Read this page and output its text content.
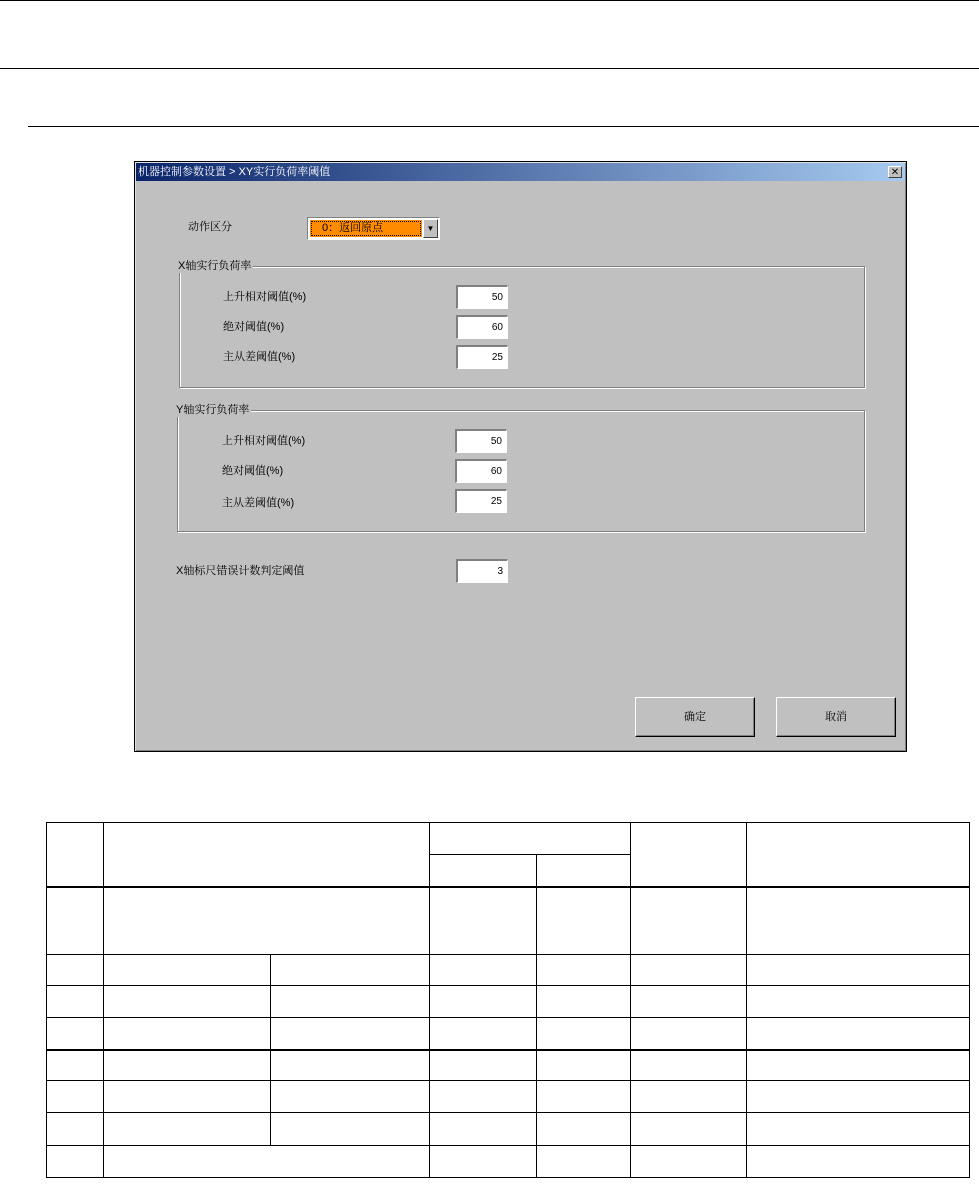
机器控制参数设置 > XY实行负荷率阈值	✕
动作区分	0：返回原点	▼
X轴实行负荷率
上升相对阈值(%)	50
绝对阈值(%)	60
主从差阈值(%)	25
Y轴实行负荷率
上升相对阈值(%)	50
绝对阈值(%)	60
主从差阈值(%)	25
X轴标尺错误计数判定阈值	3
确定	取消
